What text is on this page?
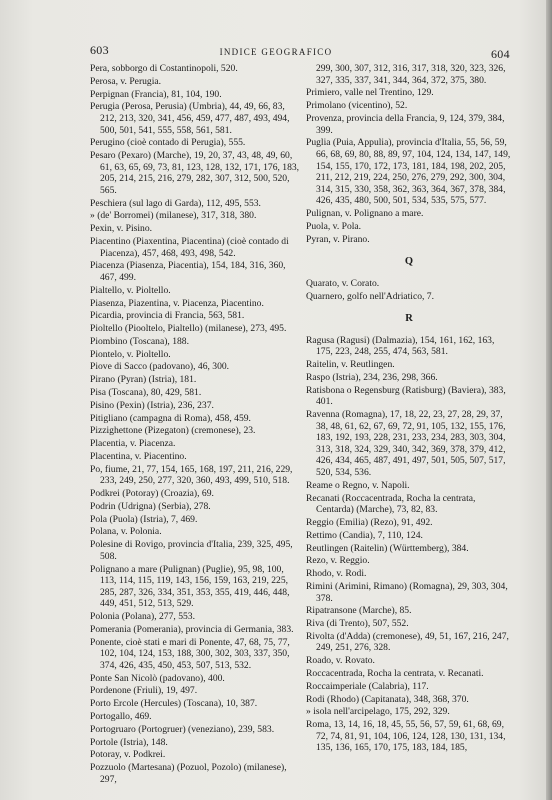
603	INDICE GEOGRAFICO	604
Pera, sobborgo di Costantinopoli, 520.
Perosa, v. Perugia.
Perpignan (Francia), 81, 104, 190.
Perugia (Perosa, Perusia) (Umbria), 44, 49, 66, 83, 212, 213, 320, 341, 456, 459, 477, 487, 493, 494, 500, 501, 541, 555, 558, 561, 581.
Perugino (cioè contado di Perugia), 555.
Pesaro (Pexaro) (Marche), 19, 20, 37, 43, 48, 49, 60, 61, 63, 65, 69, 73, 81, 123, 128, 132, 171, 176, 183, 205, 214, 215, 216, 279, 282, 307, 312, 500, 520, 565.
Peschiera (sul lago di Garda), 112, 495, 553.
» (de' Borromei) (milanese), 317, 318, 380.
Pexin, v. Pisino.
Piacentino (Piaxentina, Piacentina) (cioè contado di Piacenza), 457, 468, 493, 498, 542.
Piacenza (Piasenza, Piacentia), 154, 184, 316, 360, 467, 499.
Pialtello, v. Pioltello.
Piasenza, Piazentina, v. Piacenza, Piacentino.
Picardia, provincia di Francia, 563, 581.
Pioltello (Piooltelo, Pialtello) (milanese), 273, 495.
Piombino (Toscana), 188.
Piontelo, v. Pioltello.
Piove di Sacco (padovano), 46, 300.
Pirano (Pyran) (Istria), 181.
Pisa (Toscana), 80, 429, 581.
Pisino (Pexin) (Istria), 236, 237.
Pitigliano (campagna di Roma), 458, 459.
Pizzighettone (Pizegaton) (cremonese), 23.
Placentia, v. Piacenza.
Placentina, v. Piacentino.
Po, fiume, 21, 77, 154, 165, 168, 197, 211, 216, 229, 233, 249, 250, 277, 320, 360, 493, 499, 510, 518.
Podkrei (Potoray) (Croazia), 69.
Podrin (Udrigna) (Serbia), 278.
Pola (Puola) (Istria), 7, 469.
Polana, v. Polonia.
Polesine di Rovigo, provincia d'Italia, 239, 325, 495, 508.
Polignano a mare (Pulignan) (Puglie), 95, 98, 100, 113, 114, 115, 119, 143, 156, 159, 163, 219, 225, 285, 287, 326, 334, 351, 353, 355, 419, 446, 448, 449, 451, 512, 513, 529.
Polonia (Polana), 277, 553.
Pomerania (Pomerania), provincia di Germania, 383.
Ponente, cioè stati e mari di Ponente, 47, 68, 75, 77, 102, 104, 124, 153, 188, 300, 302, 303, 337, 350, 374, 426, 435, 450, 453, 507, 513, 532.
Ponte San Nicolò (padovano), 400.
Pordenone (Friuli), 19, 497.
Porto Ercole (Hercules) (Toscana), 10, 387.
Portogallo, 469.
Portogruaro (Portogruer) (veneziano), 239, 583.
Portole (Istria), 148.
Potoray, v. Podkrei.
Pozzuolo (Martesana) (Pozuol, Pozolo) (milanese), 297,
299, 300, 307, 312, 316, 317, 318, 320, 323, 326, 327, 335, 337, 341, 344, 364, 372, 375, 380.
Primiero, valle nel Trentino, 129.
Primolano (vicentino), 52.
Provenza, provincia della Francia, 9, 124, 379, 384, 399.
Puglia (Puia, Appulia), provincia d'Italia, 55, 56, 59, 66, 68, 69, 80, 88, 89, 97, 104, 124, 134, 147, 149, 154, 155, 170, 172, 173, 181, 184, 198, 202, 205, 211, 212, 219, 224, 250, 276, 279, 292, 300, 304, 314, 315, 330, 358, 362, 363, 364, 367, 378, 384, 426, 435, 480, 500, 501, 534, 535, 575, 577.
Pulignan, v. Polignano a mare.
Puola, v. Pola.
Pyran, v. Pirano.
Q
Quarato, v. Corato.
Quarnero, golfo nell'Adriatico, 7.
R
Ragusa (Ragusi) (Dalmazia), 154, 161, 162, 163, 175, 223, 248, 255, 474, 563, 581.
Raitelin, v. Reutlingen.
Raspo (Istria), 234, 236, 298, 366.
Ratisbona o Regensburg (Ratisburg) (Baviera), 383, 401.
Ravenna (Romagna), 17, 18, 22, 23, 27, 28, 29, 37, 38, 48, 61, 62, 67, 69, 72, 91, 105, 132, 155, 176, 183, 192, 193, 228, 231, 233, 234, 283, 303, 304, 313, 318, 324, 329, 340, 342, 369, 378, 379, 412, 426, 434, 465, 487, 491, 497, 501, 505, 507, 517, 520, 534, 536.
Reame o Regno, v. Napoli.
Recanati (Roccacentrada, Rocha la centrata, Centarda) (Marche), 73, 82, 83.
Reggio (Emilia) (Rezo), 91, 492.
Rettimo (Candia), 7, 110, 124.
Reutlingen (Raitelin) (Württemberg), 384.
Rezo, v. Reggio.
Rhodo, v. Rodi.
Rimini (Arimini, Rimano) (Romagna), 29, 303, 304, 378.
Ripatransone (Marche), 85.
Riva (di Trento), 507, 552.
Rivolta (d'Adda) (cremonese), 49, 51, 167, 216, 247, 249, 251, 276, 328.
Roado, v. Rovato.
Roccacentrada, Rocha la centrata, v. Recanati.
Roccaimperiale (Calabria), 117.
Rodi (Rhodo) (Capitanata), 348, 368, 370.
» isola nell'arcipelago, 175, 292, 329.
Roma, 13, 14, 16, 18, 45, 55, 56, 57, 59, 61, 68, 69, 72, 74, 81, 91, 104, 106, 124, 128, 130, 131, 134, 135, 136, 165, 170, 175, 183, 184, 185,
